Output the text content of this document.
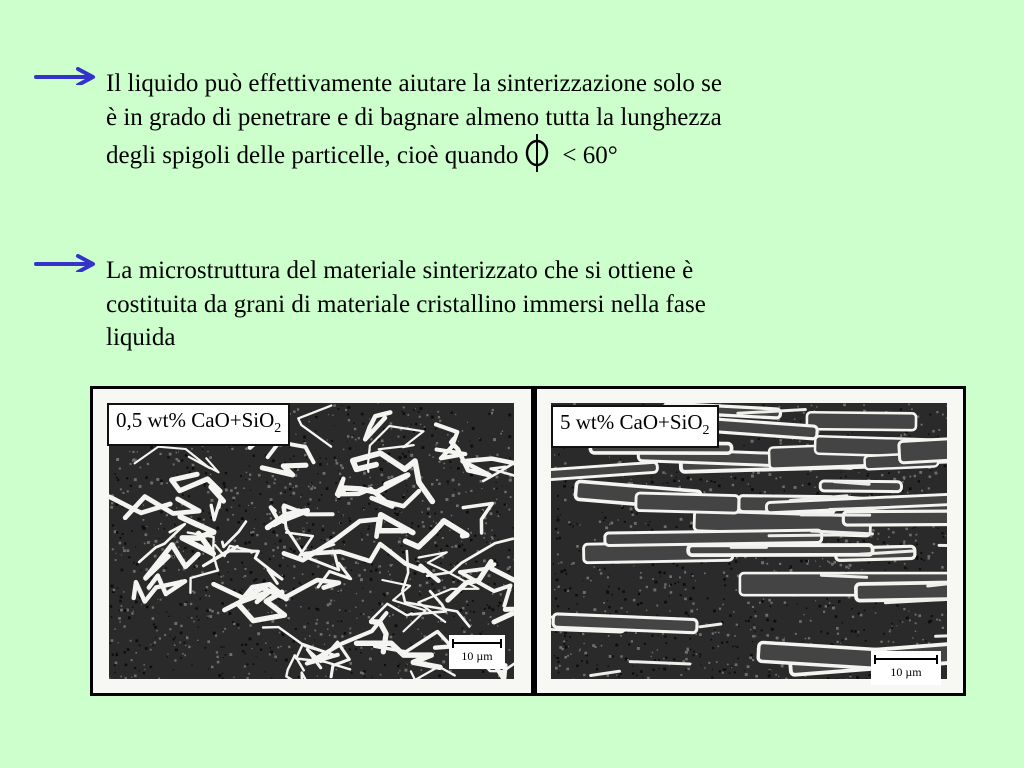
Il liquido può effettivamente aiutare la sinterizzazione solo se
è in grado di penetrare e di bagnare almeno tutta la lunghezza
degli spigoli delle particelle, cioè quando < 60°
La microstruttura del materiale sinterizzato che si ottiene è
costituita da grani di materiale cristallino immersi nella fase
liquida
0,5 wt% CaO+SiO$_2$
10 µm
5 wt% CaO+SiO$_2$
10 µm
